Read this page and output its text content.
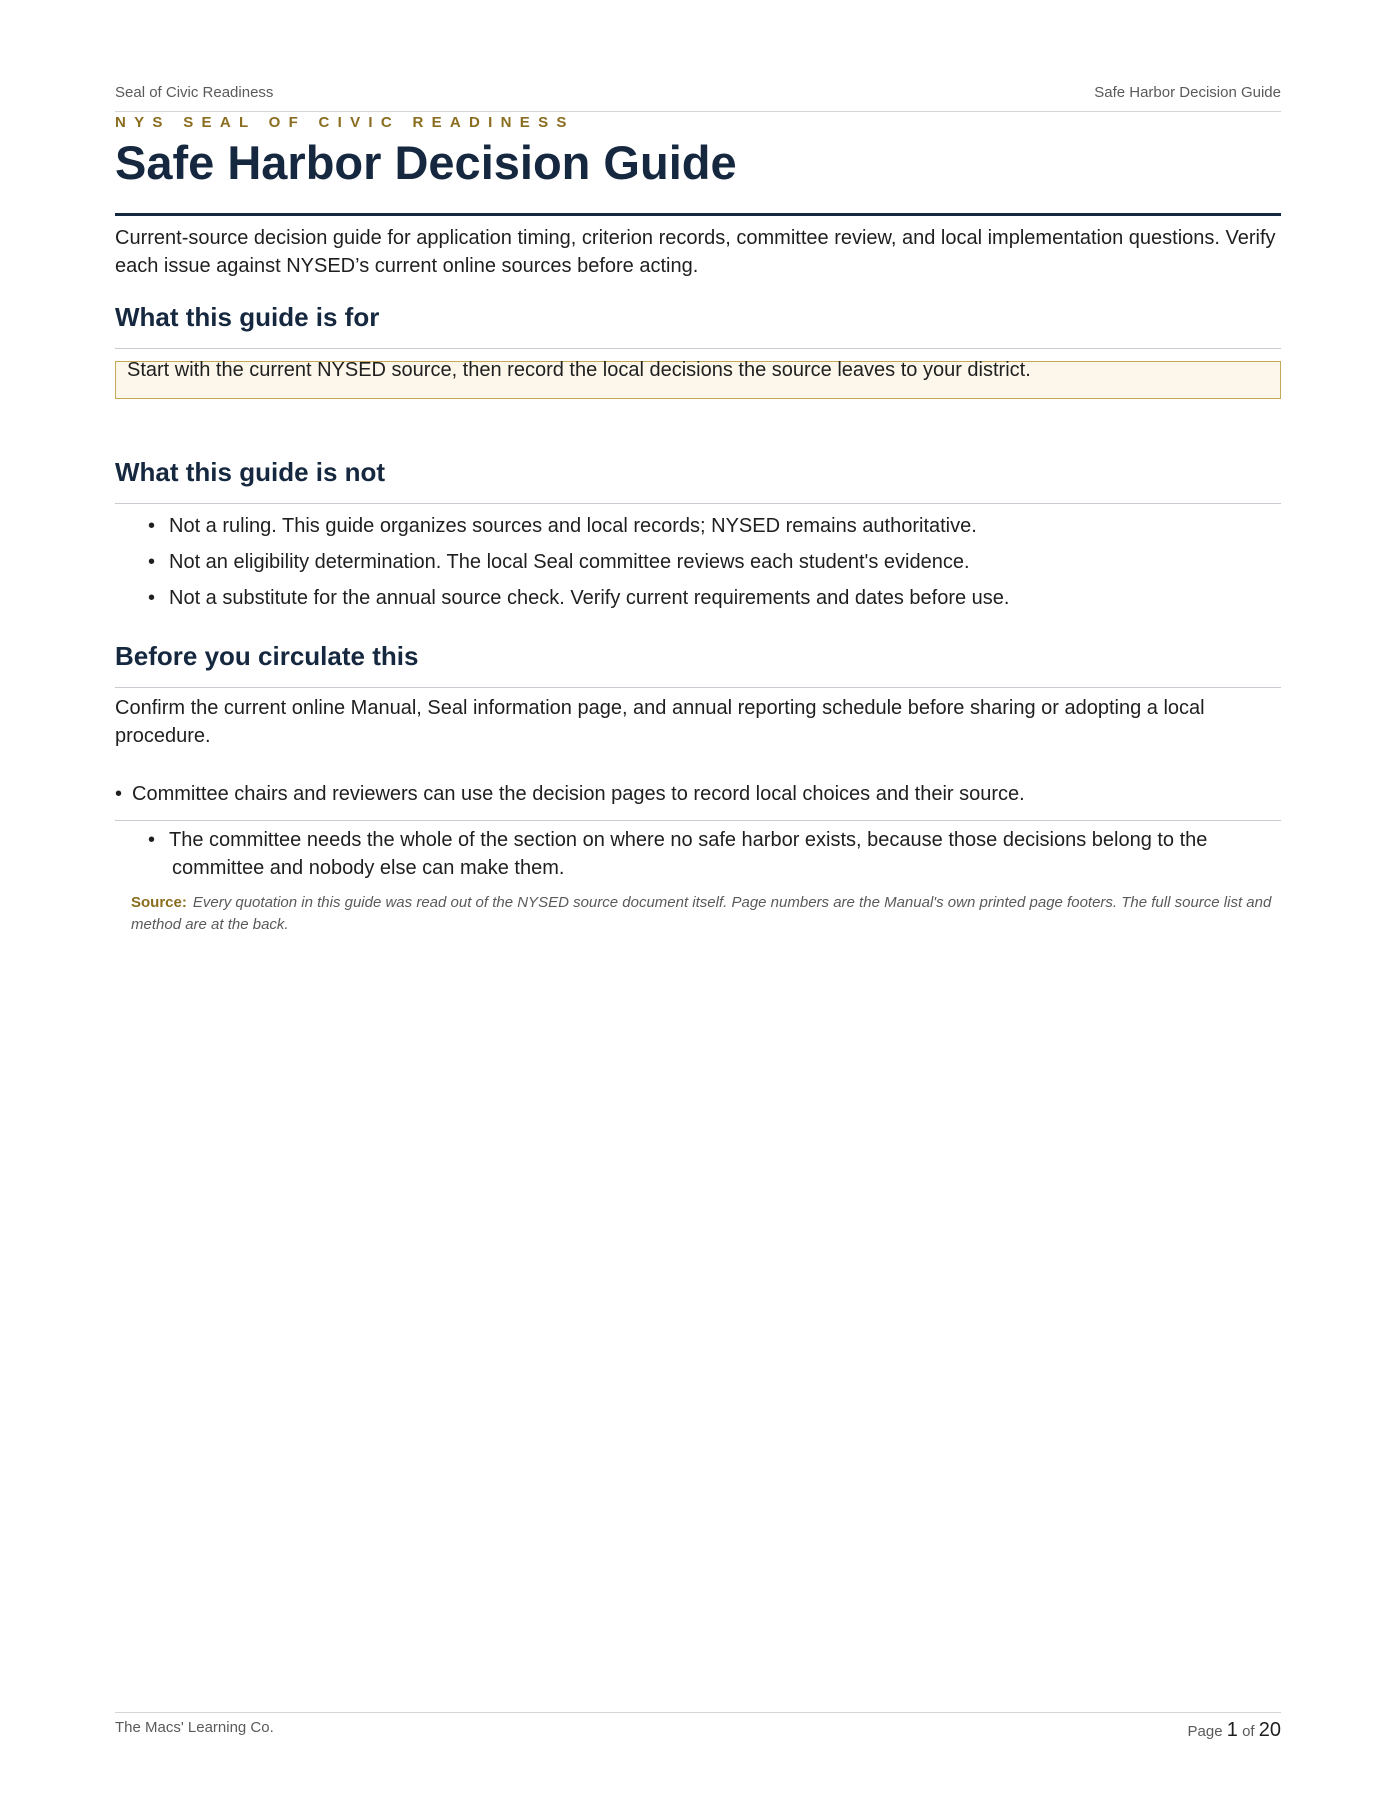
Seal of Civic Readiness	Safe Harbor Decision Guide
NYS SEAL OF CIVIC READINESS
Safe Harbor Decision Guide

Current-source decision guide for application timing, criterion records, committee review, and local implementation questions. Verify each issue against NYSED’s current online sources before acting.

What this guide is for
Start with the current NYSED source, then record the local decisions the source leaves to your district.
What this guide is not
• Not a ruling. This guide organizes sources and local records; NYSED remains authoritative.
• Not an eligibility determination. The local Seal committee reviews each student's evidence.
• Not a substitute for the annual source check. Verify current requirements and dates before use.
Before you circulate this

Confirm the current online Manual, Seal information page, and annual reporting schedule before sharing or adopting a local procedure.

• Committee chairs and reviewers can use the decision pages to record local choices and their source.
• The committee needs the whole of the section on where no safe harbor exists, because those decisions belong to the
committee and nobody else can make them.
Source: Every quotation in this guide was read out of the NYSED source document itself. Page numbers are the Manual's own printed page footers. The full source list and method are at the back.
The Macs' Learning Co.	Page 1 of 20
